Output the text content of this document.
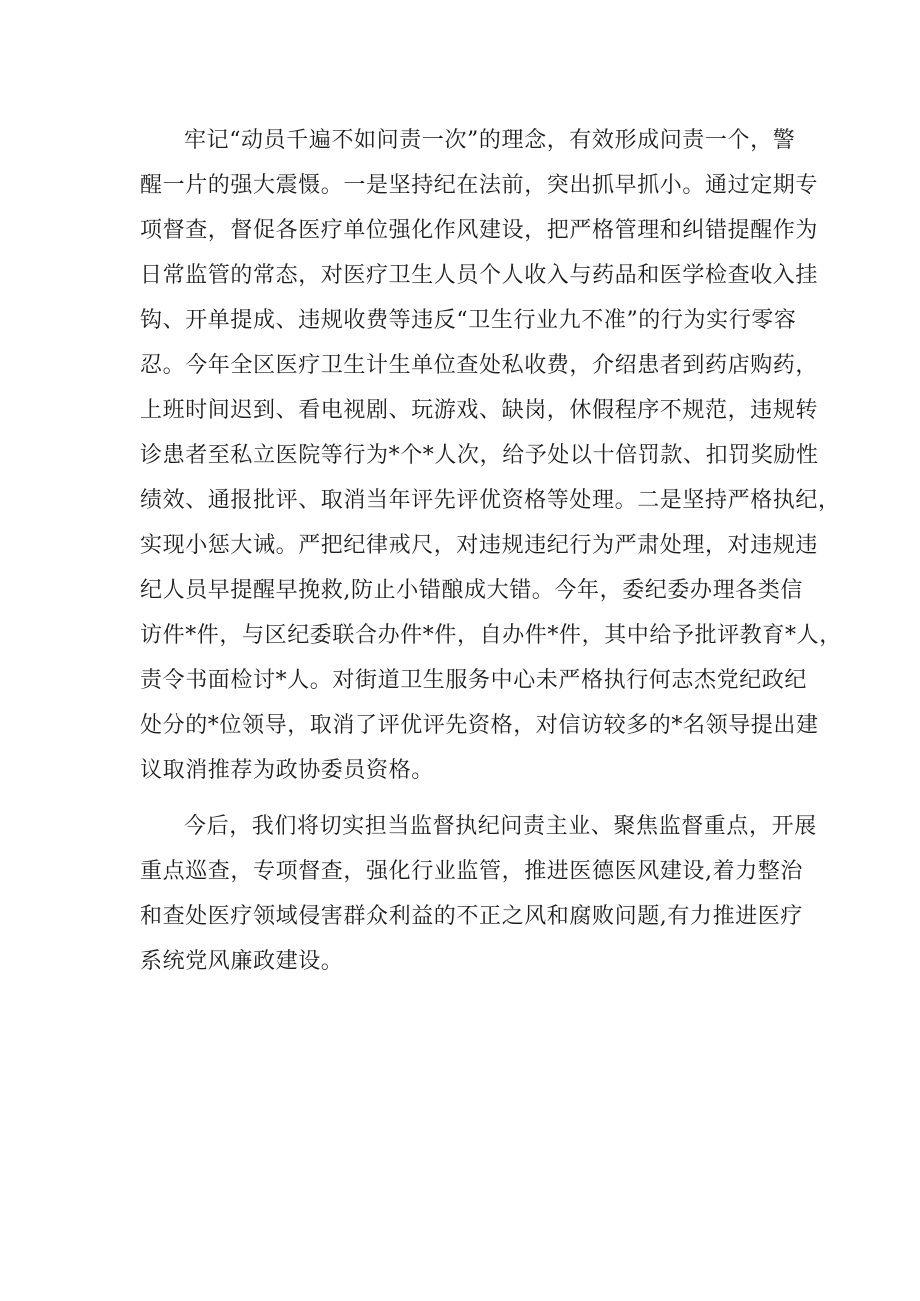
牢记“动员千遍不如问责一次”的理念，有效形成问责一个，警
醒一片的强大震慑。一是坚持纪在法前，突出抓早抓小。通过定期专
项督查，督促各医疗单位强化作风建设，把严格管理和纠错提醒作为
日常监管的常态，对医疗卫生人员个人收入与药品和医学检查收入挂
钩、开单提成、违规收费等违反“卫生行业九不准”的行为实行零容
忍。今年全区医疗卫生计生单位查处私收费，介绍患者到药店购药，
上班时间迟到、看电视剧、玩游戏、缺岗，休假程序不规范，违规转
诊患者至私立医院等行为*个*人次，给予处以十倍罚款、扣罚奖励性
绩效、通报批评、取消当年评先评优资格等处理。二是坚持严格执纪，
实现小惩大诫。严把纪律戒尺，对违规违纪行为严肃处理，对违规违
纪人员早提醒早挽救,防止小错酿成大错。今年，委纪委办理各类信
访件*件，与区纪委联合办件*件，自办件*件，其中给予批评教育*人，
责令书面检讨*人。对街道卫生服务中心未严格执行何志杰党纪政纪
处分的*位领导，取消了评优评先资格，对信访较多的*名领导提出建
议取消推荐为政协委员资格。
今后，我们将切实担当监督执纪问责主业、聚焦监督重点，开展
重点巡查，专项督查，强化行业监管，推进医德医风建设,着力整治
和查处医疗领域侵害群众利益的不正之风和腐败问题,有力推进医疗
系统党风廉政建设。
